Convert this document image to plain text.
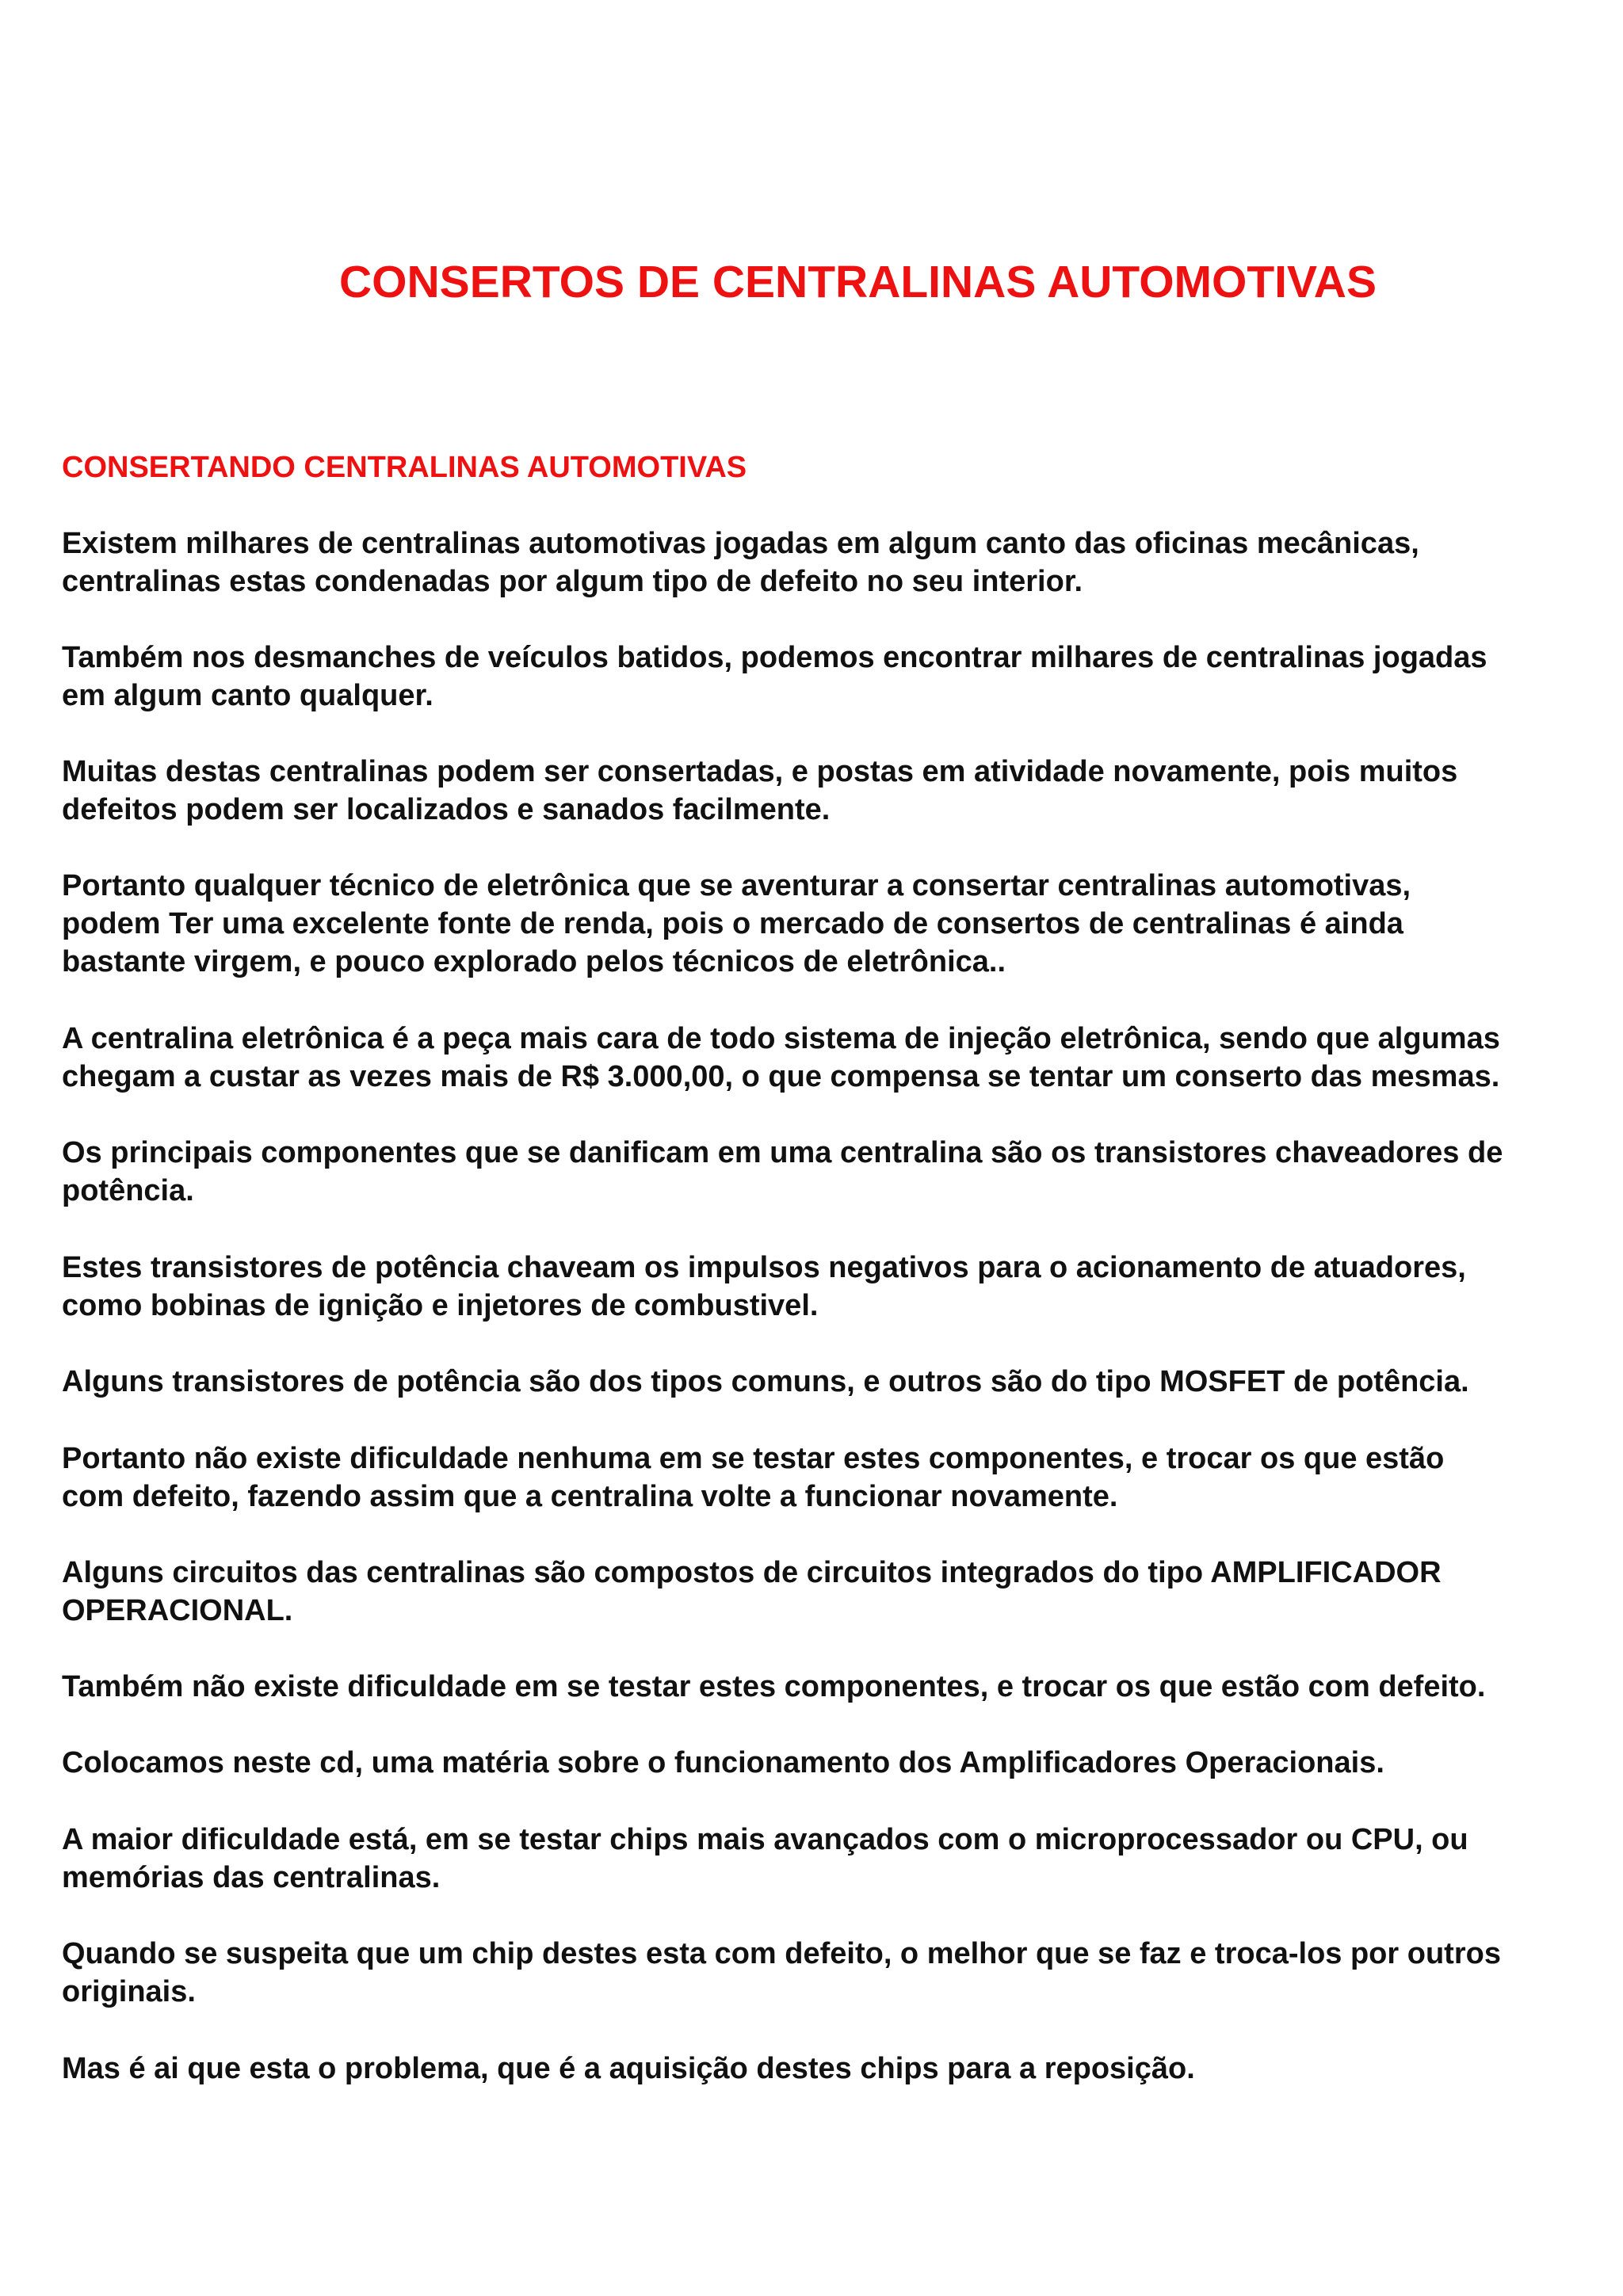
CONSERTOS DE CENTRALINAS AUTOMOTIVAS
CONSERTANDO CENTRALINAS AUTOMOTIVAS

Existem milhares de centralinas automotivas jogadas em algum canto das oficinas mecânicas,
centralinas estas condenadas por algum tipo de defeito no seu interior.

Também nos desmanches de veículos batidos, podemos encontrar milhares de centralinas jogadas
em algum canto qualquer.

Muitas destas centralinas podem ser consertadas, e postas em atividade novamente, pois muitos
defeitos podem ser localizados e sanados facilmente.

Portanto qualquer técnico de eletrônica que se aventurar a consertar centralinas automotivas,
podem Ter uma excelente fonte de renda, pois o mercado de consertos de centralinas é ainda
bastante virgem, e pouco explorado pelos técnicos de eletrônica..

A centralina eletrônica é a peça mais cara de todo sistema de injeção eletrônica, sendo que algumas
chegam a custar as vezes mais de R$ 3.000,00, o que compensa se tentar um conserto das mesmas.

Os principais componentes que se danificam em uma centralina são os transistores chaveadores de
potência.

Estes transistores de potência chaveam os impulsos negativos para o acionamento de atuadores,
como bobinas de ignição e injetores de combustivel.

Alguns transistores de potência são dos tipos comuns, e outros são do tipo MOSFET de potência.

Portanto não existe dificuldade nenhuma em se testar estes componentes, e trocar os que estão
com defeito, fazendo assim que a centralina volte a funcionar novamente.

Alguns circuitos das centralinas são compostos de circuitos integrados do tipo AMPLIFICADOR
OPERACIONAL.

Também não existe dificuldade em se testar estes componentes, e trocar os que estão com defeito.

Colocamos neste cd, uma matéria sobre o funcionamento dos Amplificadores Operacionais.

A maior dificuldade está, em se testar chips mais avançados com o microprocessador ou CPU, ou
memórias das centralinas.

Quando se suspeita que um chip destes esta com defeito, o melhor que se faz e troca-los por outros
originais.

Mas é ai que esta o problema, que é a aquisição destes chips para a reposição.
